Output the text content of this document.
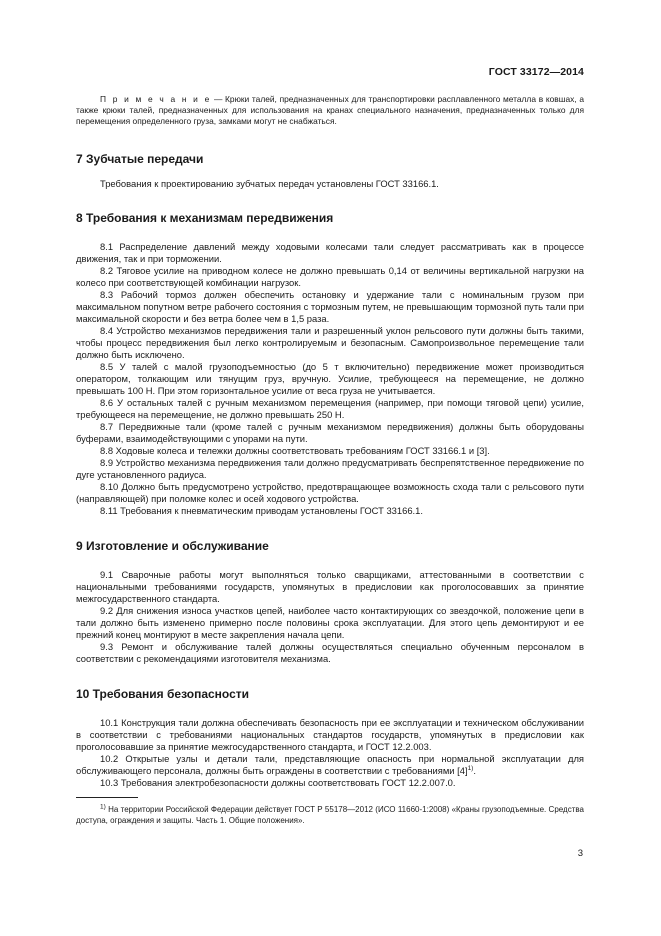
ГОСТ 33172—2014

П р и м е ч а н и е — Крюки талей, предназначенных для транспортировки расплавленного металла в ковшах, а также крюки талей, предназначенных для использования на кранах специального назначения, предназначенных только для перемещения определенного груза, замками могут не снабжаться.

7 Зубчатые передачи

Требования к проектированию зубчатых передач установлены ГОСТ 33166.1.

8 Требования к механизмам передвижения

8.1 Распределение давлений между ходовыми колесами тали следует рассматривать как в процессе движения, так и при торможении.

8.2 Тяговое усилие на приводном колесе не должно превышать 0,14 от величины вертикальной нагрузки на колесо при соответствующей комбинации нагрузок.

8.3 Рабочий тормоз должен обеспечить остановку и удержание тали с номинальным грузом при максимальном попутном ветре рабочего состояния с тормозным путем, не превышающим тормозной путь тали при максимальной скорости и без ветра более чем в 1,5 раза.

8.4 Устройство механизмов передвижения тали и разрешенный уклон рельсового пути должны быть такими, чтобы процесс передвижения был легко контролируемым и безопасным. Самопроизвольное перемещение тали должно быть исключено.

8.5 У талей с малой грузоподъемностью (до 5 т включительно) передвижение может производиться оператором, толкающим или тянущим груз, вручную. Усилие, требующееся на перемещение, не должно превышать 100 Н. При этом горизонтальное усилие от веса груза не учитывается.

8.6 У остальных талей с ручным механизмом перемещения (например, при помощи тяговой цепи) усилие, требующееся на перемещение, не должно превышать 250 Н.

8.7 Передвижные тали (кроме талей с ручным механизмом передвижения) должны быть оборудованы буферами, взаимодействующими с упорами на пути.

8.8 Ходовые колеса и тележки должны соответствовать требованиям ГОСТ 33166.1 и [3].

8.9 Устройство механизма передвижения тали должно предусматривать беспрепятственное передвижение по дуге установленного радиуса.

8.10 Должно быть предусмотрено устройство, предотвращающее возможность схода тали с рельсового пути (направляющей) при поломке колес и осей ходового устройства.

8.11 Требования к пневматическим приводам установлены ГОСТ 33166.1.

9 Изготовление и обслуживание

9.1 Сварочные работы могут выполняться только сварщиками, аттестованными в соответствии с национальными требованиями государств, упомянутых в предисловии как проголосовавших за принятие межгосударственного стандарта.

9.2 Для снижения износа участков цепей, наиболее часто контактирующих со звездочкой, положение цепи в тали должно быть изменено примерно после половины срока эксплуатации. Для этого цепь демонтируют и ее прежний конец монтируют в месте закрепления начала цепи.

9.3 Ремонт и обслуживание талей должны осуществляться специально обученным персоналом в соответствии с рекомендациями изготовителя механизма.

10 Требования безопасности

10.1 Конструкция тали должна обеспечивать безопасность при ее эксплуатации и техническом обслуживании в соответствии с требованиями национальных стандартов государств, упомянутых в предисловии как проголосовавшие за принятие межгосударственного стандарта, и ГОСТ 12.2.003.

10.2 Открытые узлы и детали тали, представляющие опасность при нормальной эксплуатации для обслуживающего персонала, должны быть ограждены в соответствии с требованиями $[4]^{1)}$.

10.3 Требования электробезопасности должны соответствовать ГОСТ 12.2.007.0.

$^{1)}$ На территории Российской Федерации действует ГОСТ Р 55178—2012 (ИСО 11660-1:2008) «Краны грузоподъемные. Средства доступа, ограждения и защиты. Часть 1. Общие положения».

3
